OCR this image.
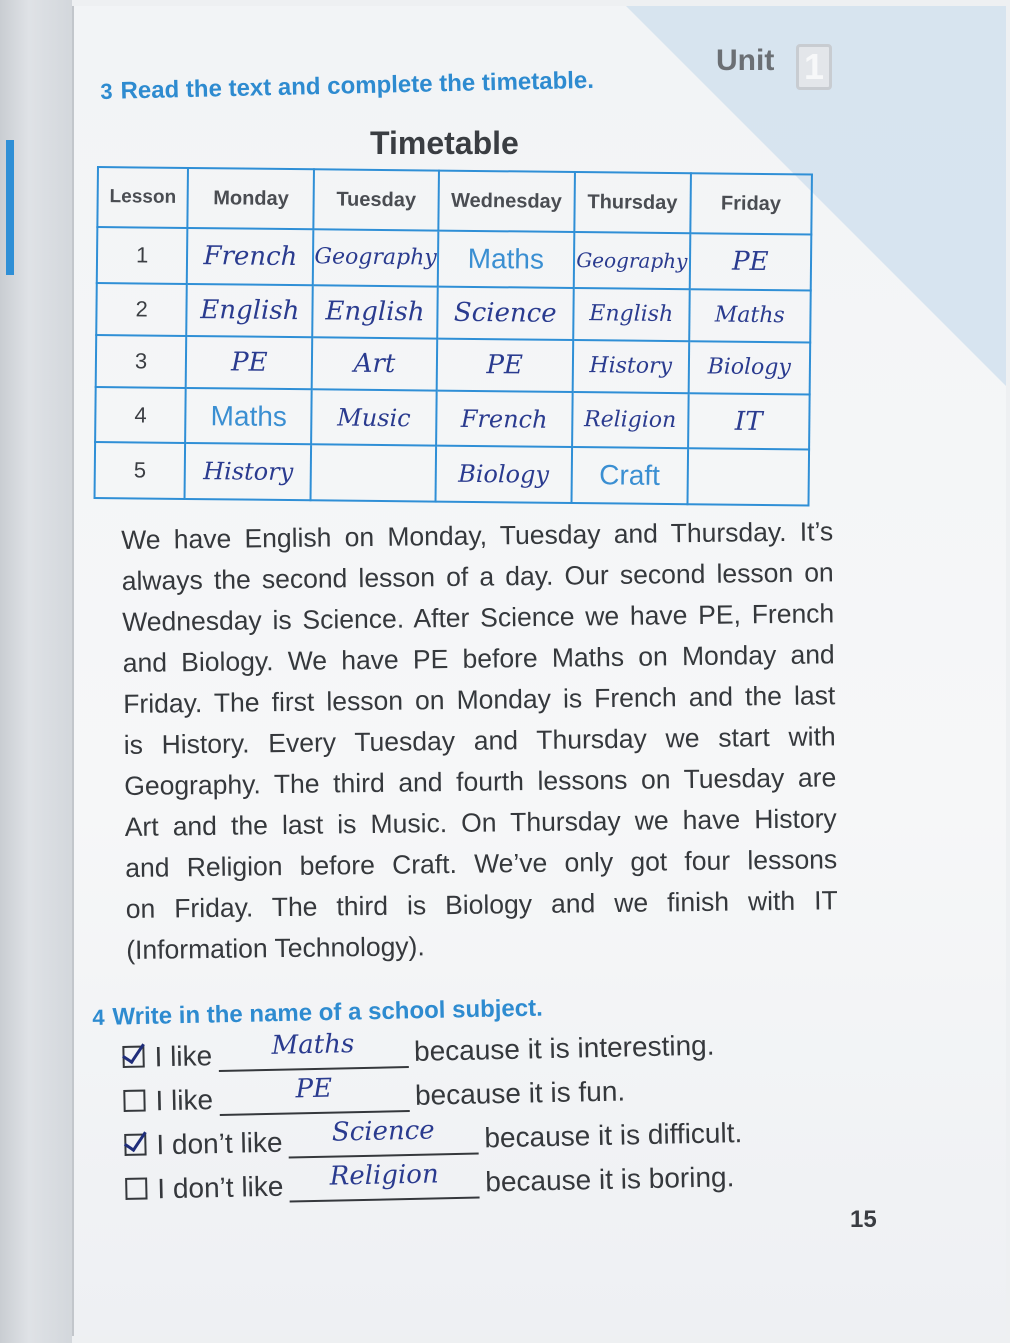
Unit 1
3 Read the text and complete the timetable.
Timetable
Lesson	Monday	Tuesday	Wednesday	Thursday	Friday
1	French	Geography	Maths	Geography	PE
2	English	English	Science	English	Maths
3	PE	Art	PE	History	Biology
4	Maths	Music	French	Religion	IT
5	History		Biology	Craft	
We have English on Monday, Tuesday and Thursday. It’s
always the second lesson of a day. Our second lesson on
Wednesday is Science. After Science we have PE, French
and Biology. We have PE before Maths on Monday and
Friday. The first lesson on Monday is French and the last
is History. Every Tuesday and Thursday we start with
Geography. The third and fourth lessons on Tuesday are
Art and the last is Music. On Thursday we have History
and Religion before Craft. We’ve only got four lessons
on Friday. The third is Biology and we finish with IT
(Information Technology).
4 Write in the name of a school subject.
I like	Maths	because it is interesting.
I like	PE	because it is fun.
I don’t like	Science	because it is difficult.
I don’t like	Religion	because it is boring.
15
